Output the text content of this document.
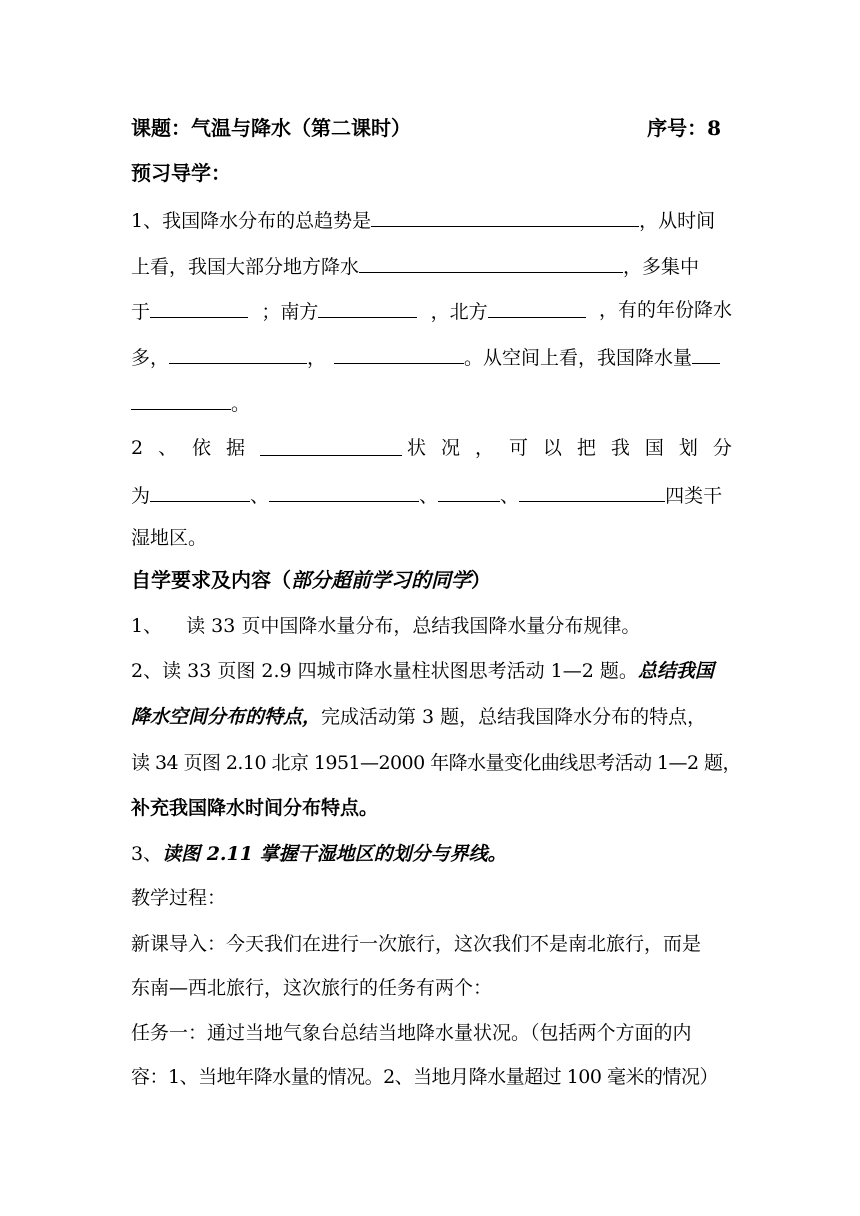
课题：气温与降水（第二课时）	序号：8
预习导学：
1、我国降水分布的总趋势是	，从时间
上看，我国大部分地方降水	，多集中
于	；南方	，北方	，有的年份降水
多，	，	。从空间上看，我国降水量
。
2 、 依 据	状 况 ， 可 以 把 我 国 划 分
为	、	、	、	四类干
湿地区。
自学要求及内容（部分超前学习的同学）
1、 读 33 页中国降水量分布，总结我国降水量分布规律。
2、读 33 页图 2.9 四城市降水量柱状图思考活动 1—2 题。总结我国
降水空间分布的特点，完成活动第 3 题，总结我国降水分布的特点，
读 34 页图 2.10 北京 1951—2000 年降水量变化曲线思考活动 1—2 题，
补充我国降水时间分布特点。
3、读图 2.11 掌握干湿地区的划分与界线。
教学过程：
新课导入：今天我们在进行一次旅行，这次我们不是南北旅行，而是
东南—西北旅行，这次旅行的任务有两个：
任务一：通过当地气象台总结当地降水量状况。（包括两个方面的内
容：1、当地年降水量的情况。2、当地月降水量超过 100 毫米的情况）
